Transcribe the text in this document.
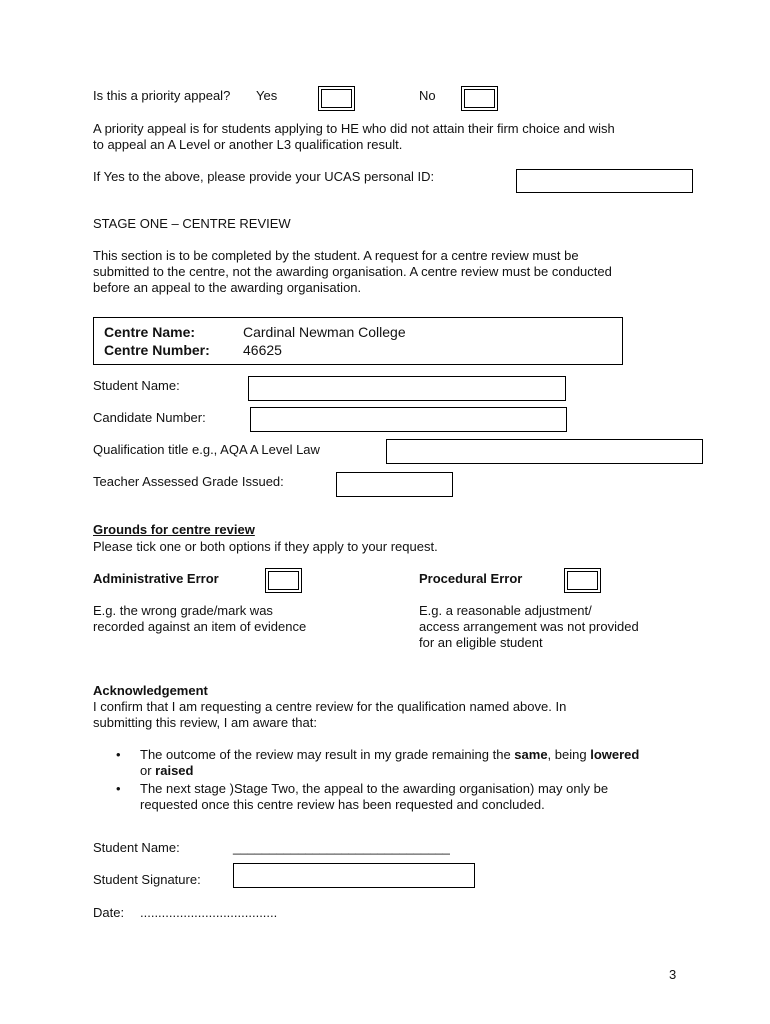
Is this a priority appeal? Yes	No
A priority appeal is for students applying to HE who did not attain their firm choice and wish
to appeal an A Level or another L3 qualification result.
If Yes to the above, please provide your UCAS personal ID:
STAGE ONE – CENTRE REVIEW
This section is to be completed by the student. A request for a centre review must be
submitted to the centre, not the awarding organisation. A centre review must be conducted
before an appeal to the awarding organisation.
Centre Name:	Cardinal Newman College
Centre Number: 46625
Student Name:
Candidate Number:
Qualification title e.g., AQA A Level Law
Teacher Assessed Grade Issued:
Grounds for centre review
Please tick one or both options if they apply to your request.
Administrative Error	Procedural Error
E.g. the wrong grade/mark was
recorded against an item of evidence
E.g. a reasonable adjustment/
access arrangement was not provided
for an eligible student
Acknowledgement
I confirm that I am requesting a centre review for the qualification named above. In
submitting this review, I am aware that:
• The outcome of the review may result in my grade remaining the same, being lowered
or raised
• The next stage )Stage Two, the appeal to the awarding organisation) may only be
requested once this centre review has been requested and concluded.
Student Name:	______________________________
Student Signature:
Date: ......................................
3
